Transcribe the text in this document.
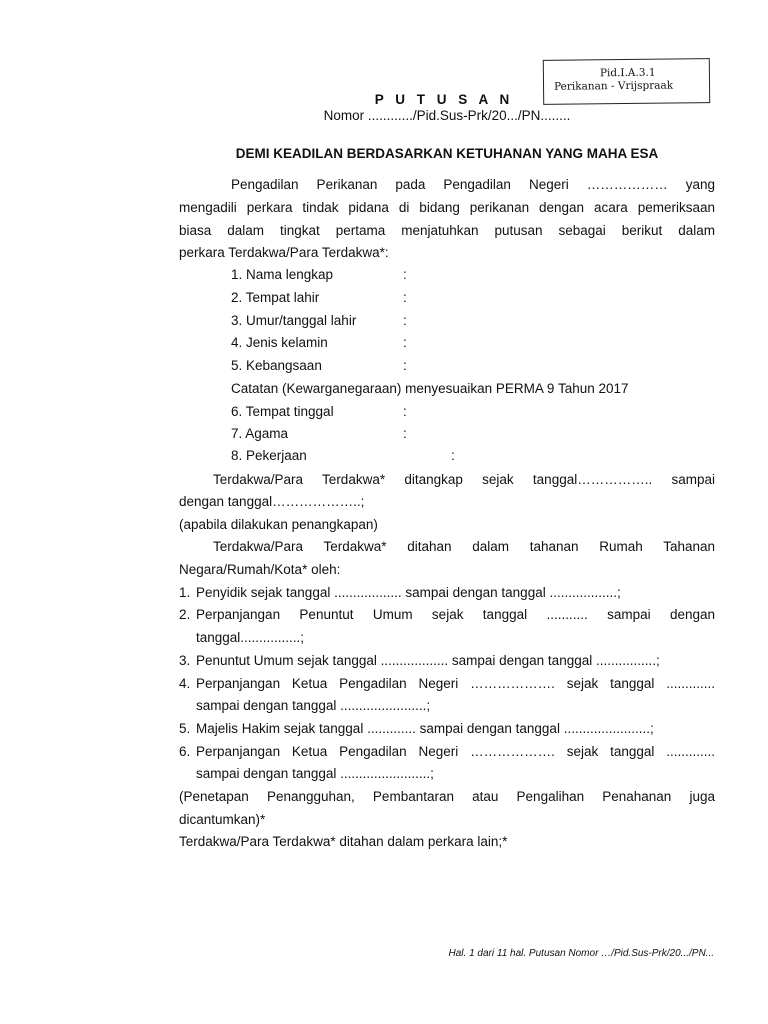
Pid.I.A.3.1
Perikanan - Vrijspraak
P U T U S A N
Nomor ............/Pid.Sus-Prk/20.../PN........
DEMI KEADILAN BERDASARKAN KETUHANAN YANG MAHA ESA
Pengadilan Perikanan pada Pengadilan Negeri ……………… yang
mengadili perkara tindak pidana di bidang perikanan dengan acara pemeriksaan
biasa dalam tingkat pertama menjatuhkan putusan sebagai berikut dalam
perkara Terdakwa/Para Terdakwa*:
1. Nama lengkap	:
2. Tempat lahir	:
3. Umur/tanggal lahir	:
4. Jenis kelamin	:
5. Kebangsaan	:
Catatan (Kewarganegaraan) menyesuaikan PERMA 9 Tahun 2017
6. Tempat tinggal	:
7. Agama	:
8. Pekerjaan	:
Terdakwa/Para Terdakwa* ditangkap sejak tanggal…………….. sampai
dengan tanggal………………..;
(apabila dilakukan penangkapan)
Terdakwa/Para Terdakwa* ditahan dalam tahanan Rumah Tahanan
Negara/Rumah/Kota* oleh:
1. Penyidik sejak tanggal .................. sampai dengan tanggal ..................;
2. Perpanjangan Penuntut Umum sejak tanggal ........... sampai dengan
tanggal................;
3. Penuntut Umum sejak tanggal .................. sampai dengan tanggal ................;
4. Perpanjangan Ketua Pengadilan Negeri ………………. sejak tanggal .............
sampai dengan tanggal .......................;
5. Majelis Hakim sejak tanggal ............. sampai dengan tanggal .......................;
6. Perpanjangan Ketua Pengadilan Negeri ………………. sejak tanggal .............
sampai dengan tanggal ........................;
(Penetapan Penangguhan, Pembantaran atau Pengalihan Penahanan juga
dicantumkan)*
Terdakwa/Para Terdakwa* ditahan dalam perkara lain;*
Hal. 1 dari 11 hal. Putusan Nomor …/Pid.Sus-Prk/20.../PN...
